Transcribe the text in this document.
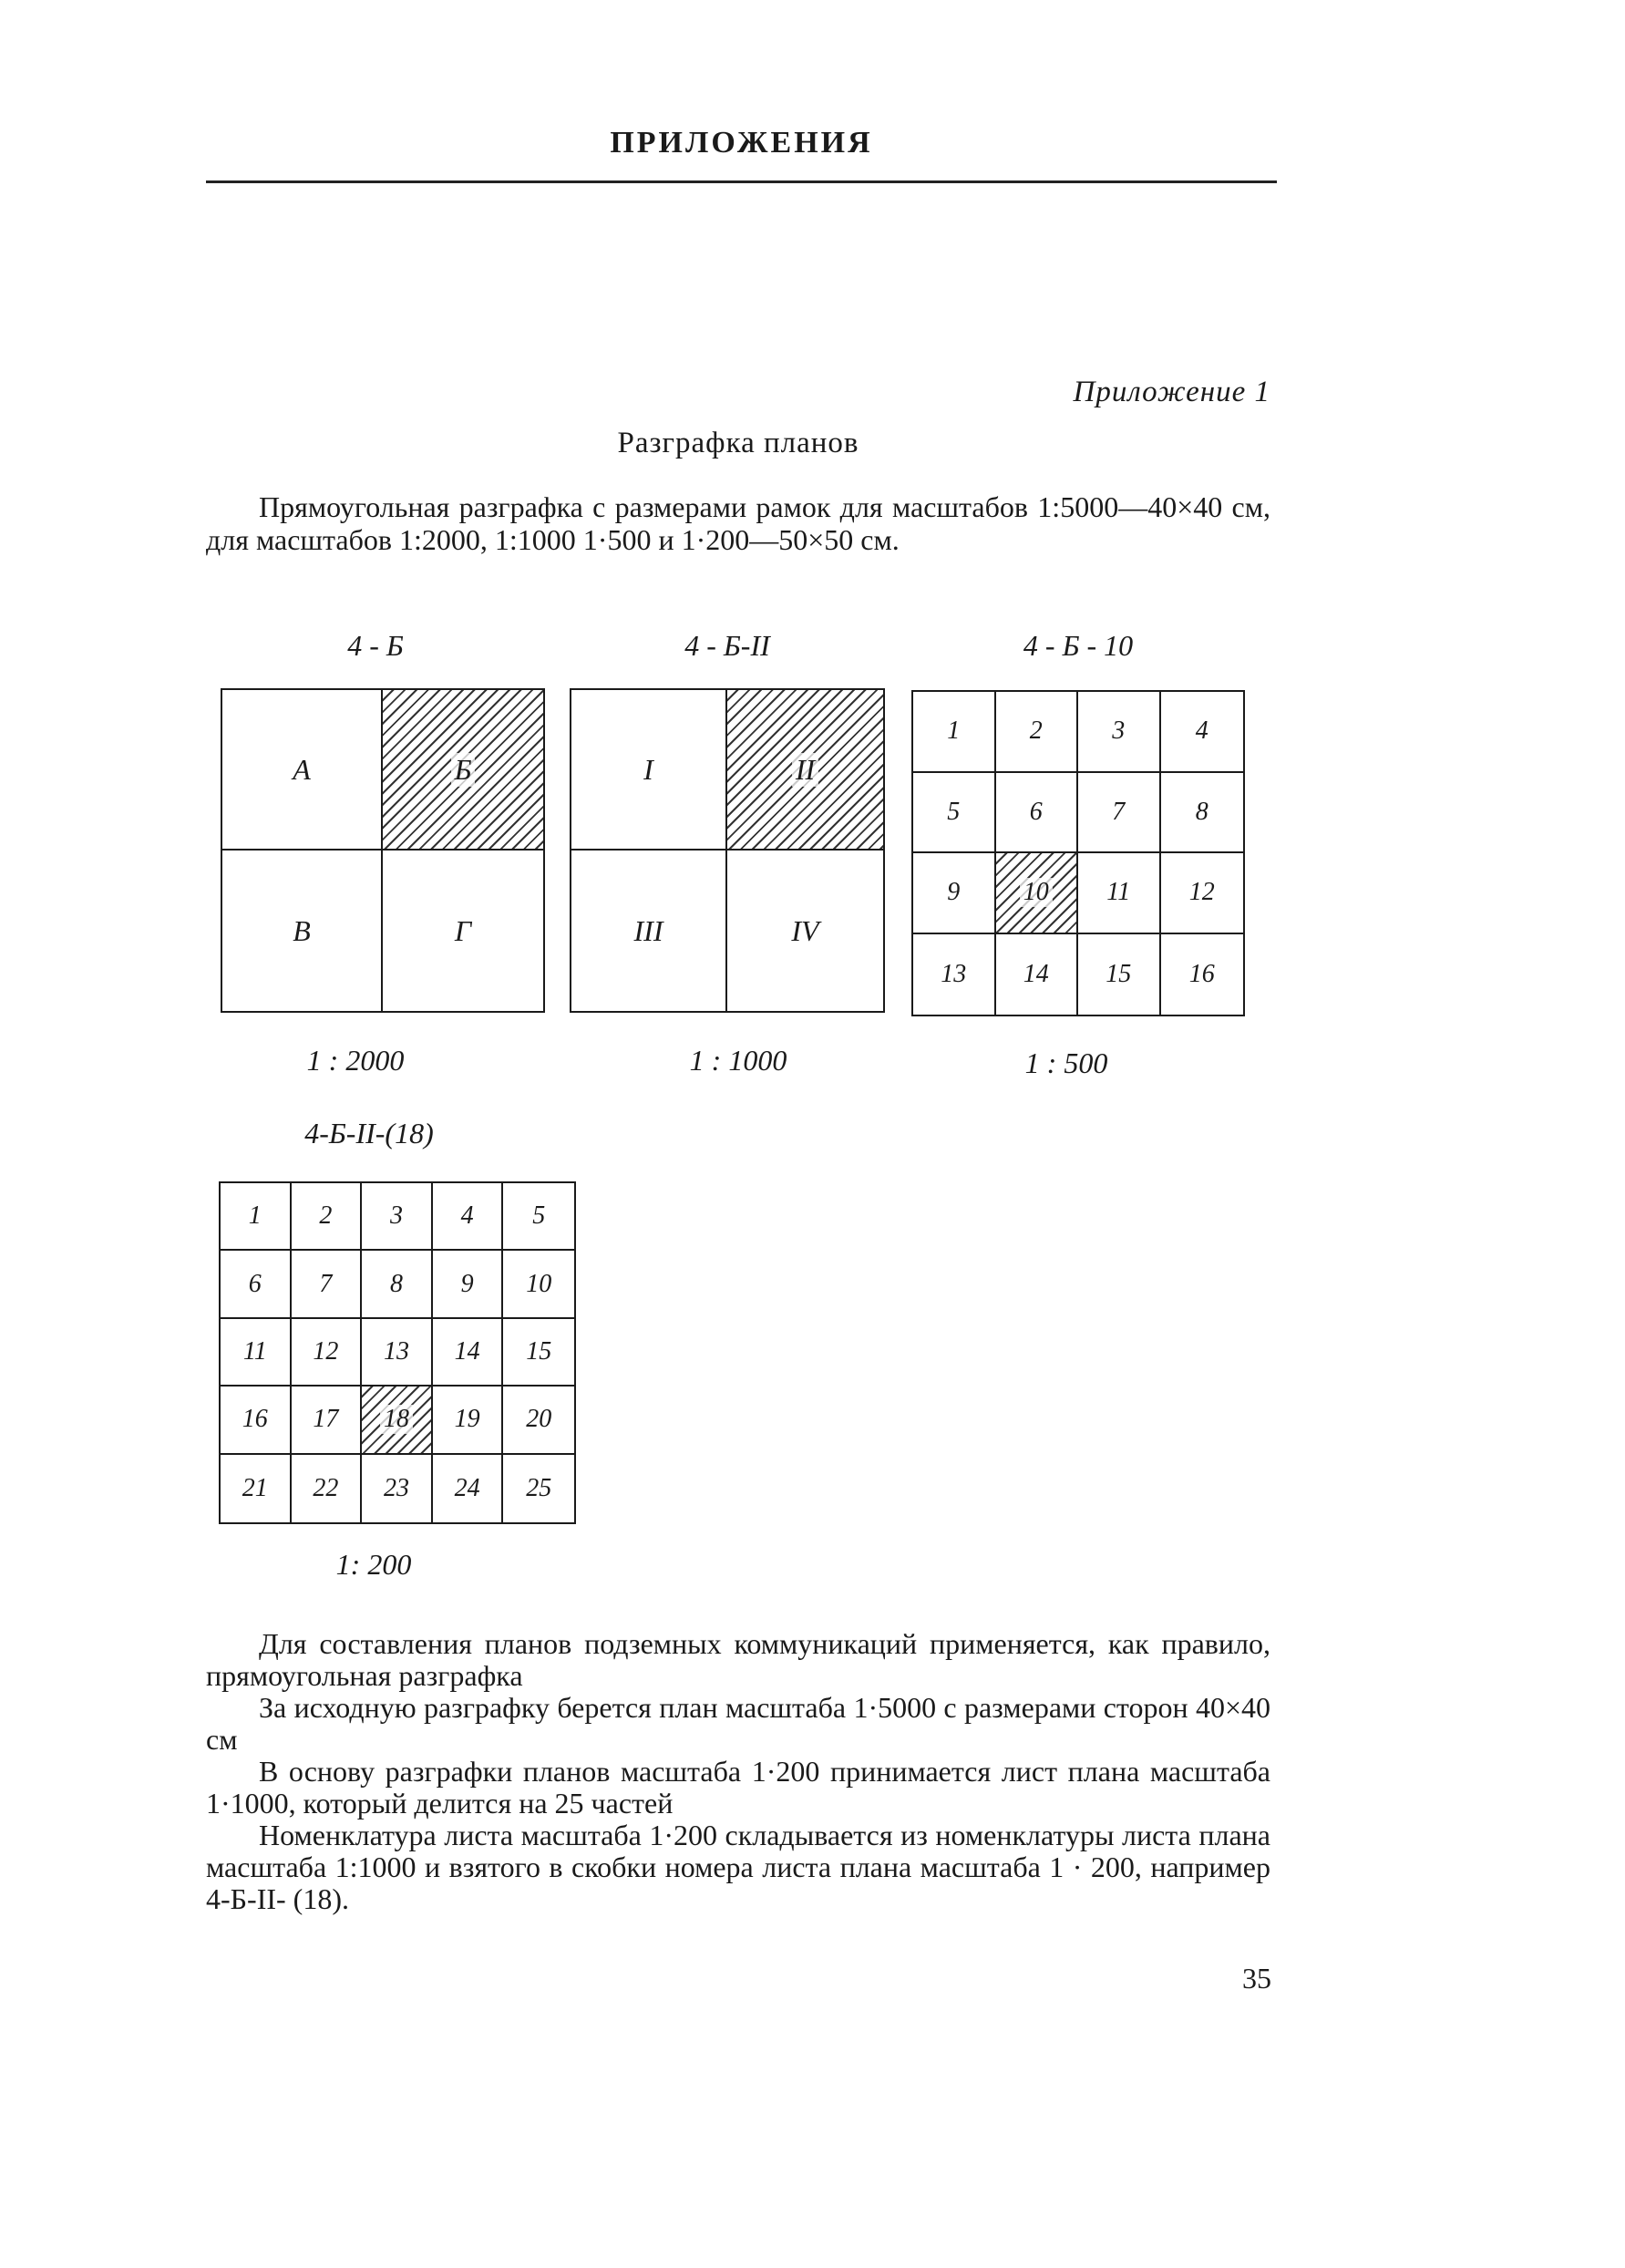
ПРИЛОЖЕНИЯ
Приложение 1
Разграфка планов

Прямоугольная разграфка с размерами рамок для масштабов 1:5000—40×40 см, для масштабов 1:2000, 1:1000 1·500 и 1·200—50×50 см.

4 - Б
А	Б
В	Г
1 : 2000
4 - Б-II
I	II
III	IV
1 : 1000
4 - Б - 10
1	2	3	4
5	6	7	8
9 10 11 12
13 14 15 16
1 : 500
4-Б-II-(18)
1 2 3 4 5
6 7 8 9 10
11 12 13 14 15
16 17 18 19 20
21 22 23 24 25
1: 200

Для составления планов подземных коммуникаций применяется, как правило, прямоугольная разграфка

За исходную разграфку берется план масштаба 1·5000 с размерами сторон 40×40 см

В основу разграфки планов масштаба 1·200 принимается лист плана масштаба 1·1000, который делится на 25 частей

Номенклатура листа масштаба 1·200 складывается из номенклатуры листа плана масштаба 1:1000 и взятого в скобки номера листа плана масштаба 1 · 200, например 4-Б-II- (18).

35
